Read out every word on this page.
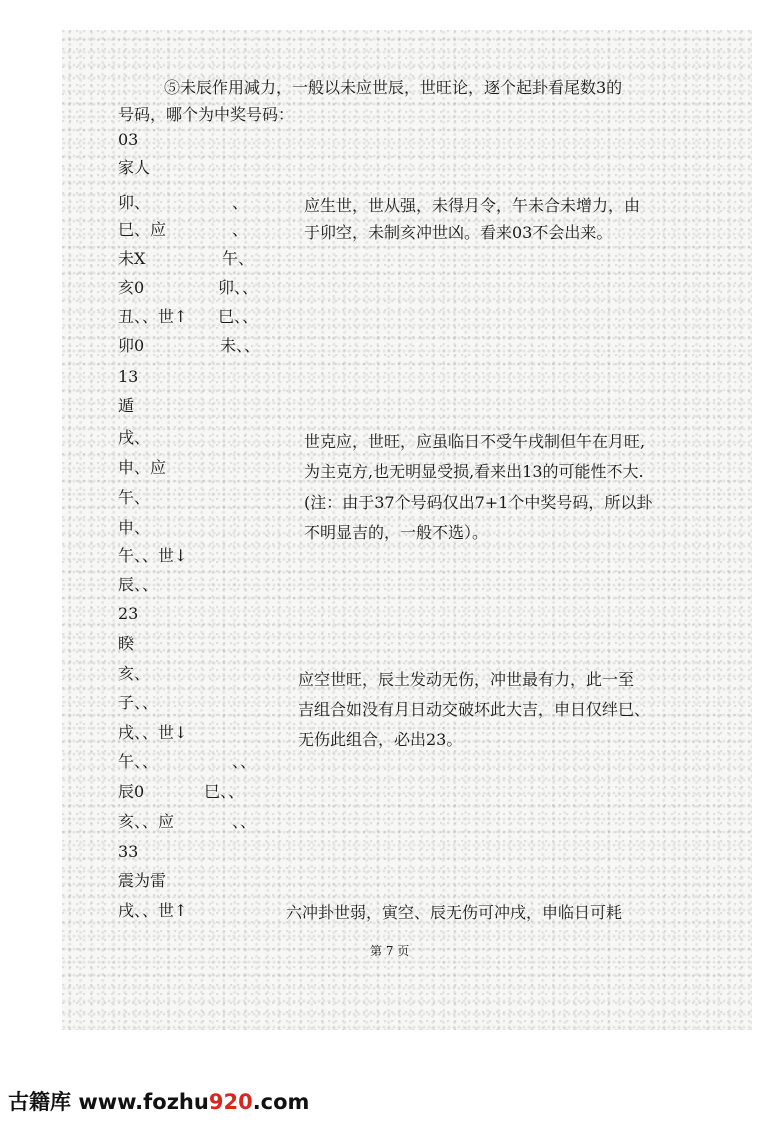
⑤未辰作用减力，一般以未应世辰，世旺论，逐个起卦看尾数3的
号码，哪个为中奖号码：
03
家人
卯、	、
巳、应	、
未X	午、
亥0	卯、、
丑、、世↑ 巳、、
卯0	未、、
应生世，世从强，未得月令，午未合未增力，由
于卯空，未制亥冲世凶。看来03不会出来。
13
遁
戌、
申、应
午、
申、
午、、世↓
辰、、
世克应，世旺，应虽临日不受午戌制但午在月旺,
为主克方,也无明显受损,看来出13的可能性不大.
(注：由于37个号码仅出7+1个中奖号码，所以卦
不明显吉的，一般不选）。
23
睽
亥、
子、、
戌、、世↓
午、、	、、
辰0	巳、、
亥、、应	、、
应空世旺，辰土发动无伤，冲世最有力，此一至
吉组合如没有月日动交破坏此大吉，申日仅绊巳、
无伤此组合，必出23。
33
震为雷
戌、、世↑	六冲卦世弱，寅空、辰无伤可冲戌，申临日可耗
第 7 页
古籍库 www.fozhu920.com
